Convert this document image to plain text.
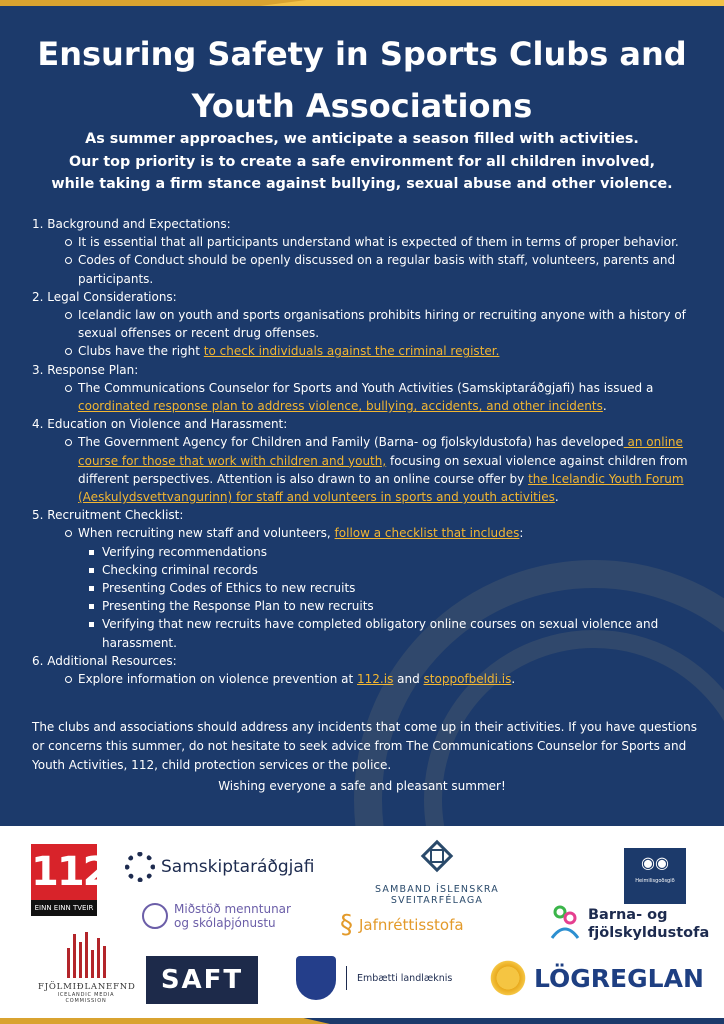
Ensuring Safety in Sports Clubs and Youth Associations
As summer approaches, we anticipate a season filled with activities.
Our top priority is to create a safe environment for all children involved,
while taking a firm stance against bullying, sexual abuse and other violence.

1. Background and Expectations:

It is essential that all participants understand what is expected of them in terms of proper behavior.

Codes of Conduct should be openly discussed on a regular basis with staff, volunteers, parents and participants.

2. Legal Considerations:

Icelandic law on youth and sports organisations prohibits hiring or recruiting anyone with a history of sexual offenses or recent drug offenses.

Clubs have the right to check individuals against the criminal register.

3. Response Plan:

The Communications Counselor for Sports and Youth Activities (Samskiptaráðgjafi) has issued a coordinated response plan to address violence, bullying, accidents, and other incidents.

4. Education on Violence and Harassment:

The Government Agency for Children and Family (Barna- og fjolskyldustofa) has developed an online course for those that work with children and youth, focusing on sexual violence against children from different perspectives. Attention is also drawn to an online course offer by the Icelandic Youth Forum (Aeskulydsvettvangurinn) for staff and volunteers in sports and youth activities.

5. Recruitment Checklist:

When recruiting new staff and volunteers, follow a checklist that includes:

Verifying recommendations

Checking criminal records

Presenting Codes of Ethics to new recruits

Presenting the Response Plan to new recruits

Verifying that new recruits have completed obligatory online courses on sexual violence and harassment.

6. Additional Resources:

Explore information on violence prevention at 112.is and stoppofbeldi.is.

The clubs and associations should address any incidents that come up in their activities. If you have questions or concerns this summer, do not hesitate to seek advice from The Communications Counselor for Sports and Youth Activities, 112, child protection services or the police.

Wishing everyone a safe and pleasant summer!
112
EINN EINN TVEIR
Samskiptaráðgjafi
SAMBAND ÍSLENSKRA SVEITARFÉLAGA
◉◉
Heimilisgoðsgið
Miðstöð menntunar
og skólaþjónustu	§ Jafnréttisstofa
Barna- og
fjölskyldustofa
FJÖLMIÐLANEFND
ICELANDIC MEDIA COMMISSION
SAFT	Embætti landlæknis	LÖGREGLAN
